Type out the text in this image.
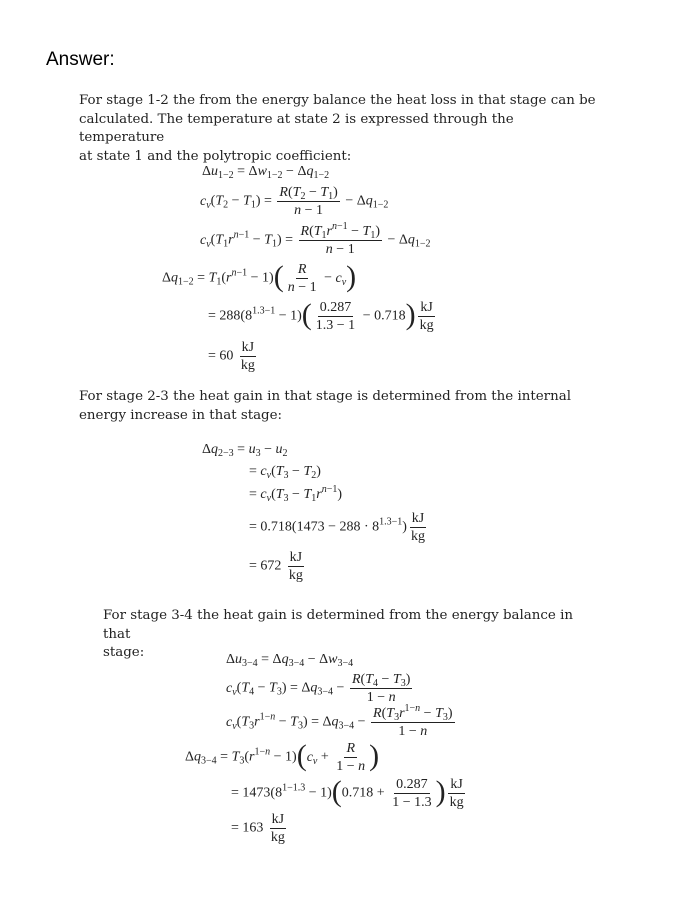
Answer:
For stage 1-2 the from the energy balance the heat loss in that stage can be
calculated. The temperature at state 2 is expressed through the temperature
at state 1 and the polytropic coefficient:
$\Delta u_{1-2} = \Delta w_{1-2} - \Delta q_{1-2}$
$c_v(T_2 - T_1) = \frac{R(T_2 - T_1)}{n - 1} - \Delta q_{1-2}$
$c_v(T_1r^{n-1} - T_1) = \frac{R(T_1r^{n-1} - T_1)}{n - 1} - \Delta q_{1-2}$
$\Delta q_{1-2} = T_1(r^{n-1} - 1)( \frac{R}{n - 1} - c_v)$
= $288(8^{1.3-1} - 1)( \frac{0.287}{1.3 - 1} - 0.718) \frac{kJ}{kg}$
= $60 \frac{kJ}{kg}$
For stage 2-3 the heat gain in that stage is determined from the internal
energy increase in that stage:
$\Delta q_{2-3} = u_3 - u_2$
= $c_v(T_3 - T_2)$
= $c_v(T_3 - T_1r^{n-1})$
= $0.718(1473 - 288 \cdot 8^{1.3-1}) \frac{kJ}{kg}$
= $672 \frac{kJ}{kg}$
For stage 3-4 the heat gain is determined from the energy balance in that
stage:	$\Delta u_{3-4} = \Delta q_{3-4} - \Delta w_{3-4}$
$c_v(T_4 - T_3) = \Delta q_{3-4} - \frac{R(T_4 - T_3)}{1 - n}$
$c_v(T_3r^{1-n} - T_3) = \Delta q_{3-4} - \frac{R(T_3r^{1-n} - T_3)}{1 - n}$
$\Delta q_{3-4} = T_3(r^{1-n} - 1)(c_v + \frac{R}{1 - n}$ )
= $1473(8^{1-1.3} - 1)(0.718 + \frac{0.287}{1 - 1.3}$ ) $\frac{kJ}{kg}$
= $163 \frac{kJ}{kg}$
